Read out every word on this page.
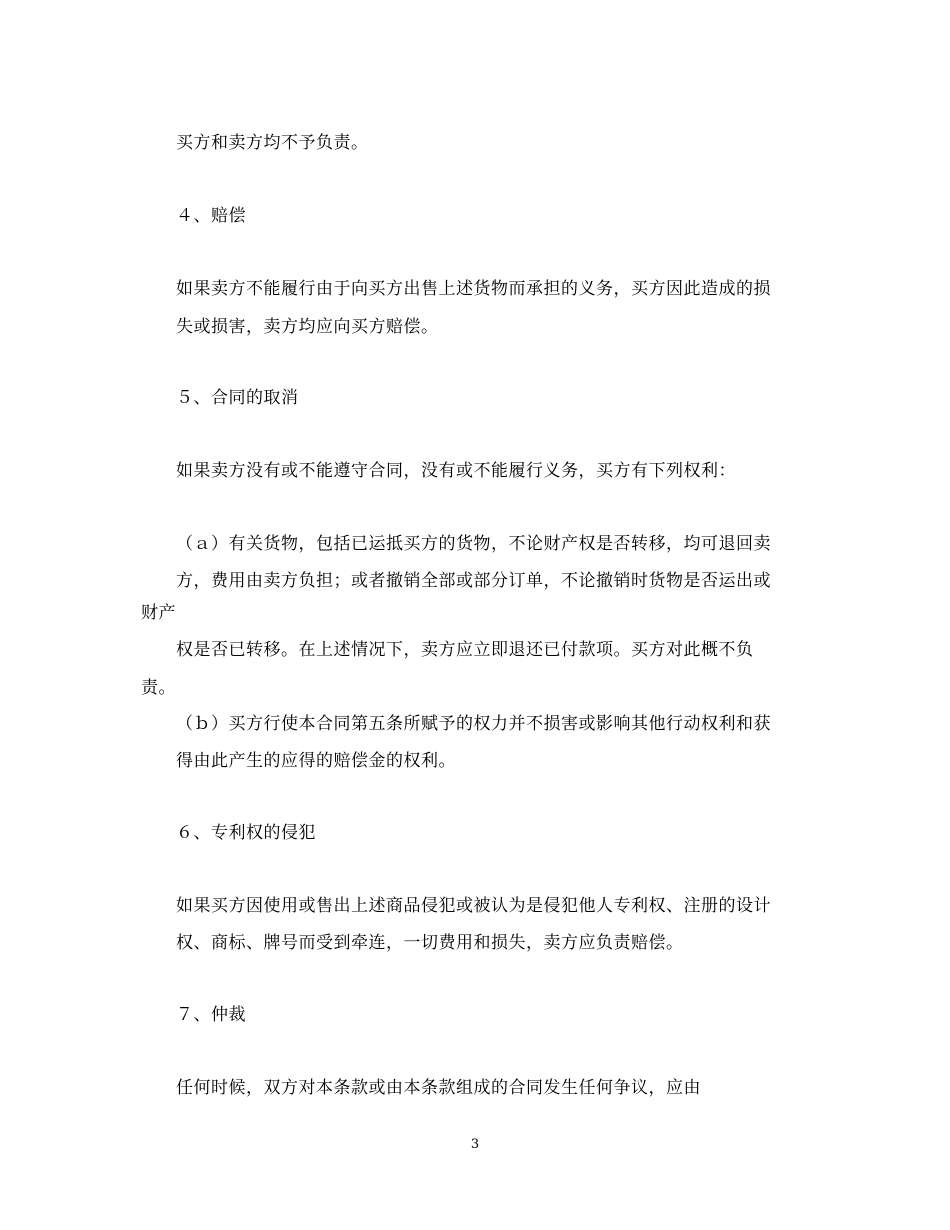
买方和卖方均不予负责。
４、赔偿
如果卖方不能履行由于向买方出售上述货物而承担的义务，买方因此造成的损
失或损害，卖方均应向买方赔偿。
５、合同的取消
如果卖方没有或不能遵守合同，没有或不能履行义务，买方有下列权利：
（ａ）有关货物，包括已运抵买方的货物，不论财产权是否转移，均可退回卖
方，费用由卖方负担；或者撤销全部或部分订单，不论撤销时货物是否运出或
财产
权是否已转移。在上述情况下，卖方应立即退还已付款项。买方对此概不负
责。
（ｂ）买方行使本合同第五条所赋予的权力并不损害或影响其他行动权利和获
得由此产生的应得的赔偿金的权利。
６、专利权的侵犯
如果买方因使用或售出上述商品侵犯或被认为是侵犯他人专利权、注册的设计
权、商标、牌号而受到牵连，一切费用和损失，卖方应负责赔偿。
７、仲裁
任何时候，双方对本条款或由本条款组成的合同发生任何争议，应由
3
